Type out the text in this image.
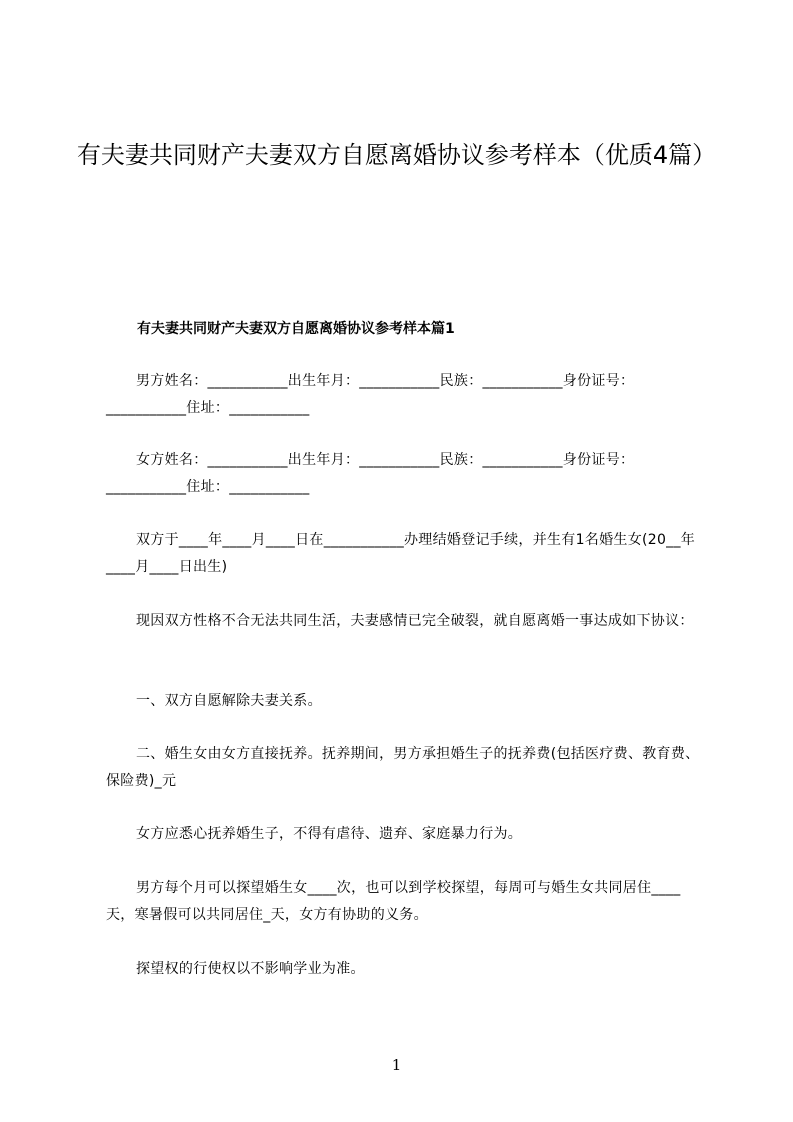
有夫妻共同财产夫妻双方自愿离婚协议参考样本（优质4篇）

有夫妻共同财产夫妻双方自愿离婚协议参考样本篇1

男方姓名：___________出生年月：___________民族：___________身份证号：___________住址：___________

女方姓名：___________出生年月：___________民族：___________身份证号：___________住址：___________

双方于____年____月____日在___________办理结婚登记手续，并生有1名婚生女(20__年____月____日出生)

现因双方性格不合无法共同生活，夫妻感情已完全破裂，就自愿离婚一事达成如下协议：

一、双方自愿解除夫妻关系。

二、婚生女由女方直接抚养。抚养期间，男方承担婚生子的抚养费(包括医疗费、教育费、保险费)_元

女方应悉心抚养婚生子，不得有虐待、遗弃、家庭暴力行为。

男方每个月可以探望婚生女____次，也可以到学校探望，每周可与婚生女共同居住____天，寒暑假可以共同居住_天，女方有协助的义务。

探望权的行使权以不影响学业为准。

1
